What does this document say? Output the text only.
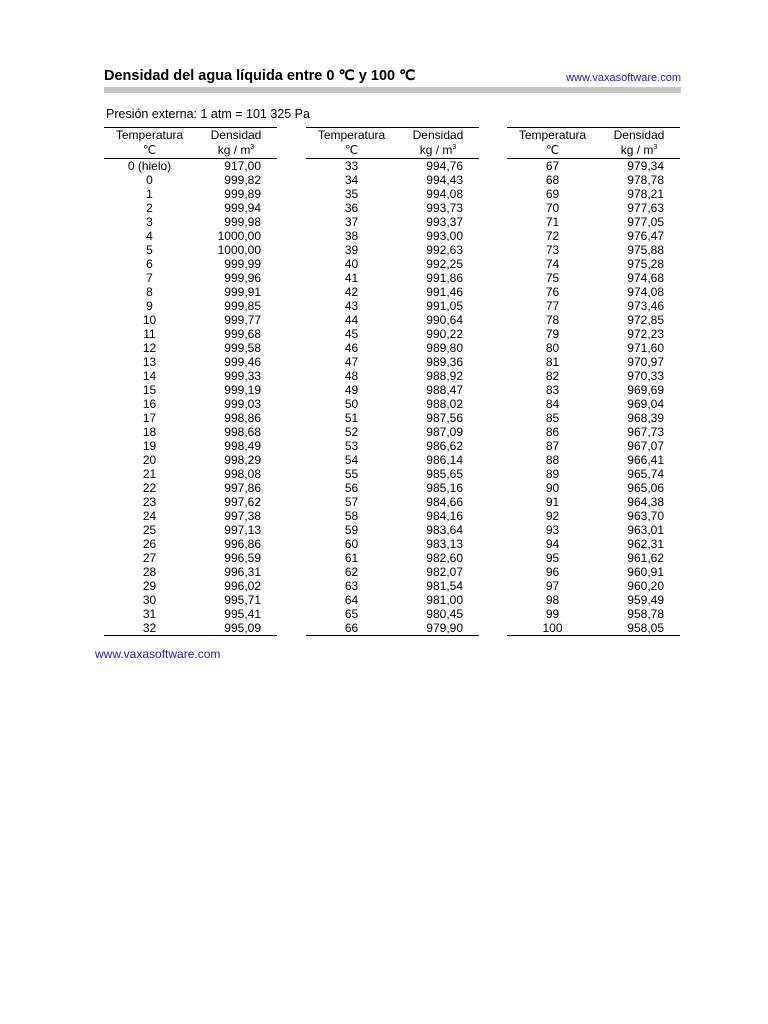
Densidad del agua líquida entre 0 ℃ y 100 ℃	www.vaxasoftware.com
Presión externa: 1 atm = 101 325 Pa
Temperatura	Densidad
℃	kg / $m^3$
0 (hielo)	917,00
0	999,82
1	999,89
2	999,94
3	999,98
4	1000,00
5	1000,00
6	999,99
7	999,96
8	999,91
9	999,85
10	999,77
11	999,68
12	999,58
13	999,46
14	999,33
15	999,19
16	999,03
17	998,86
18	998,68
19	998,49
20	998,29
21	998,08
22	997,86
23	997,62
24	997,38
25	997,13
26	996,86
27	996,59
28	996,31
29	996,02
30	995,71
31	995,41
32	995,09
Temperatura	Densidad
℃	kg / $m^3$
33	994,76
34	994,43
35	994,08
36	993,73
37	993,37
38	993,00
39	992,63
40	992,25
41	991,86
42	991,46
43	991,05
44	990,64
45	990,22
46	989,80
47	989,36
48	988,92
49	988,47
50	988,02
51	987,56
52	987,09
53	986,62
54	986,14
55	985,65
56	985,16
57	984,66
58	984,16
59	983,64
60	983,13
61	982,60
62	982,07
63	981,54
64	981,00
65	980,45
66	979,90
Temperatura	Densidad
℃	kg / $m^3$
67	979,34
68	978,78
69	978,21
70	977,63
71	977,05
72	976,47
73	975,88
74	975,28
75	974,68
76	974,08
77	973,46
78	972,85
79	972,23
80	971,60
81	970,97
82	970,33
83	969,69
84	969,04
85	968,39
86	967,73
87	967,07
88	966,41
89	965,74
90	965,06
91	964,38
92	963,70
93	963,01
94	962,31
95	961,62
96	960,91
97	960,20
98	959,49
99	958,78
100	958,05
www.vaxasoftware.com
